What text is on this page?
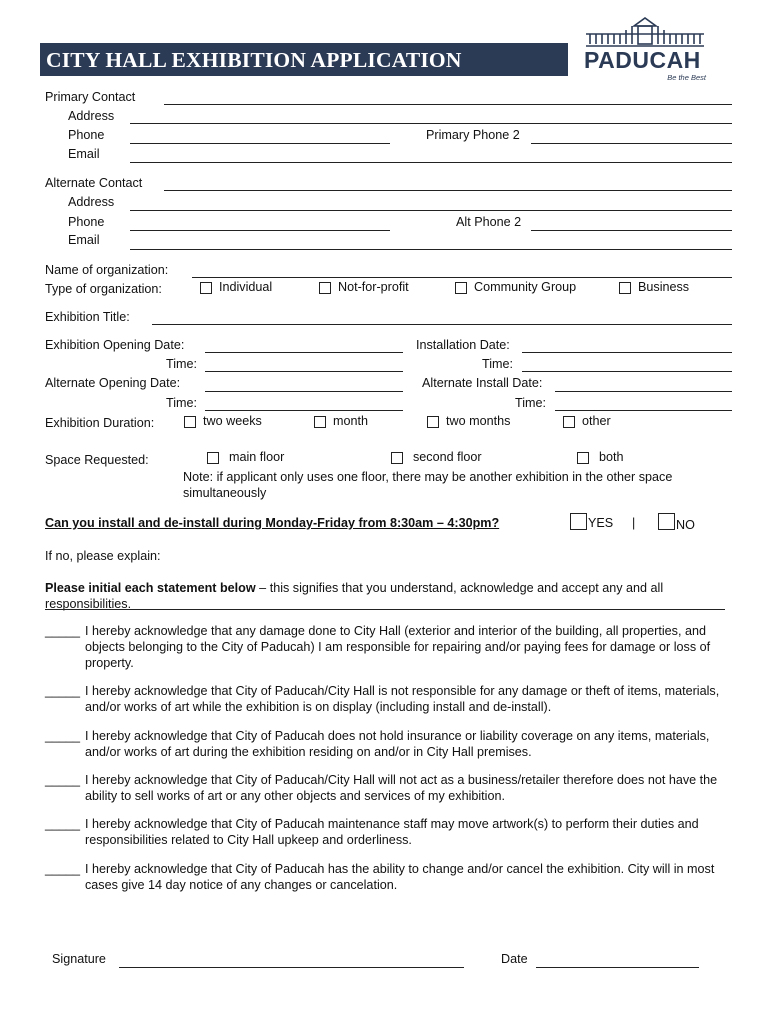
CITY HALL EXHIBITION APPLICATION	PADUCAH
Be the Best
Primary Contact
Address
Phone	Primary Phone 2
Email
Alternate Contact
Address
Phone	Alt Phone 2
Email
Name of organization:
Type of organization:	Individual	Not-for-profit	Community Group	Business
Exhibition Title:
Exhibition Opening Date:	Installation Date:
Time:	Time:
Alternate Opening Date:	Alternate Install Date:
Time:	Time:
Exhibition Duration:	two weeks	month	two months	other
Space Requested:	main floor	second floor	both
Note: if applicant only uses one floor, there may be another exhibition in the other space simultaneously
Can you install and de-install during Monday-Friday from 8:30am – 4:30pm?	YES |	NO
If no, please explain:
Please initial each statement below – this signifies that you understand, acknowledge and accept any and all responsibilities.
_____ I hereby acknowledge that any damage done to City Hall (exterior and interior of the building, all properties, and objects belonging to the City of Paducah) I am responsible for repairing and/or paying fees for damage or loss of property.
_____ I hereby acknowledge that City of Paducah/City Hall is not responsible for any damage or theft of items, materials, and/or works of art while the exhibition is on display (including install and de-install).
_____ I hereby acknowledge that City of Paducah does not hold insurance or liability coverage on any items, materials, and/or works of art during the exhibition residing on and/or in City Hall premises.
_____ I hereby acknowledge that City of Paducah/City Hall will not act as a business/retailer therefore does not have the ability to sell works of art or any other objects and services of my exhibition.
_____ I hereby acknowledge that City of Paducah maintenance staff may move artwork(s) to perform their duties and responsibilities related to City Hall upkeep and orderliness.
_____ I hereby acknowledge that City of Paducah has the ability to change and/or cancel the exhibition. City will in most cases give 14 day notice of any changes or cancelation.
Signature	Date
